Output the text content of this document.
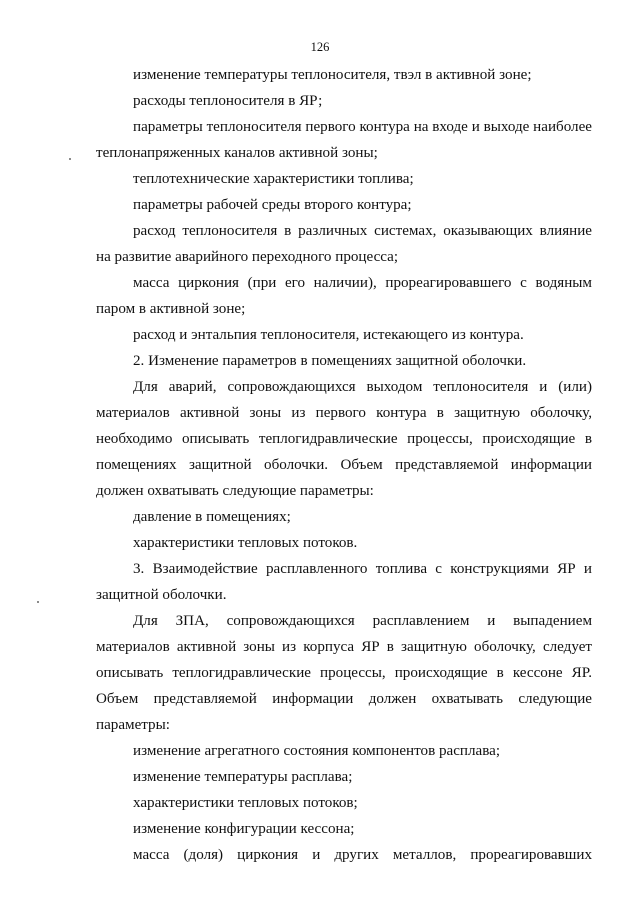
126

изменение температуры теплоносителя, твэл в активной зоне;

расходы теплоносителя в ЯР;

параметры теплоносителя первого контура на входе и выходе наиболее теплонапряженных каналов активной зоны;

теплотехнические характеристики топлива;

параметры рабочей среды второго контура;

расход теплоносителя в различных системах, оказывающих влияние на развитие аварийного переходного процесса;

масса циркония (при его наличии), прореагировавшего с водяным паром в активной зоне;

расход и энтальпия теплоносителя, истекающего из контура.

2. Изменение параметров в помещениях защитной оболочки.

Для аварий, сопровождающихся выходом теплоносителя и (или) материалов активной зоны из первого контура в защитную оболочку, необходимо описывать теплогидравлические процессы, происходящие в помещениях защитной оболочки. Объем представляемой информации должен охватывать следующие параметры:

давление в помещениях;

характеристики тепловых потоков.

3. Взаимодействие расплавленного топлива с конструкциями ЯР и защитной оболочки.

Для ЗПА, сопровождающихся расплавлением и выпадением материалов активной зоны из корпуса ЯР в защитную оболочку, следует описывать теплогидравлические процессы, происходящие в кессоне ЯР. Объем представляемой информации должен охватывать следующие параметры:

изменение агрегатного состояния компонентов расплава;

изменение температуры расплава;

характеристики тепловых потоков;

изменение конфигурации кессона;

масса (доля) циркония и других металлов, прореагировавших
